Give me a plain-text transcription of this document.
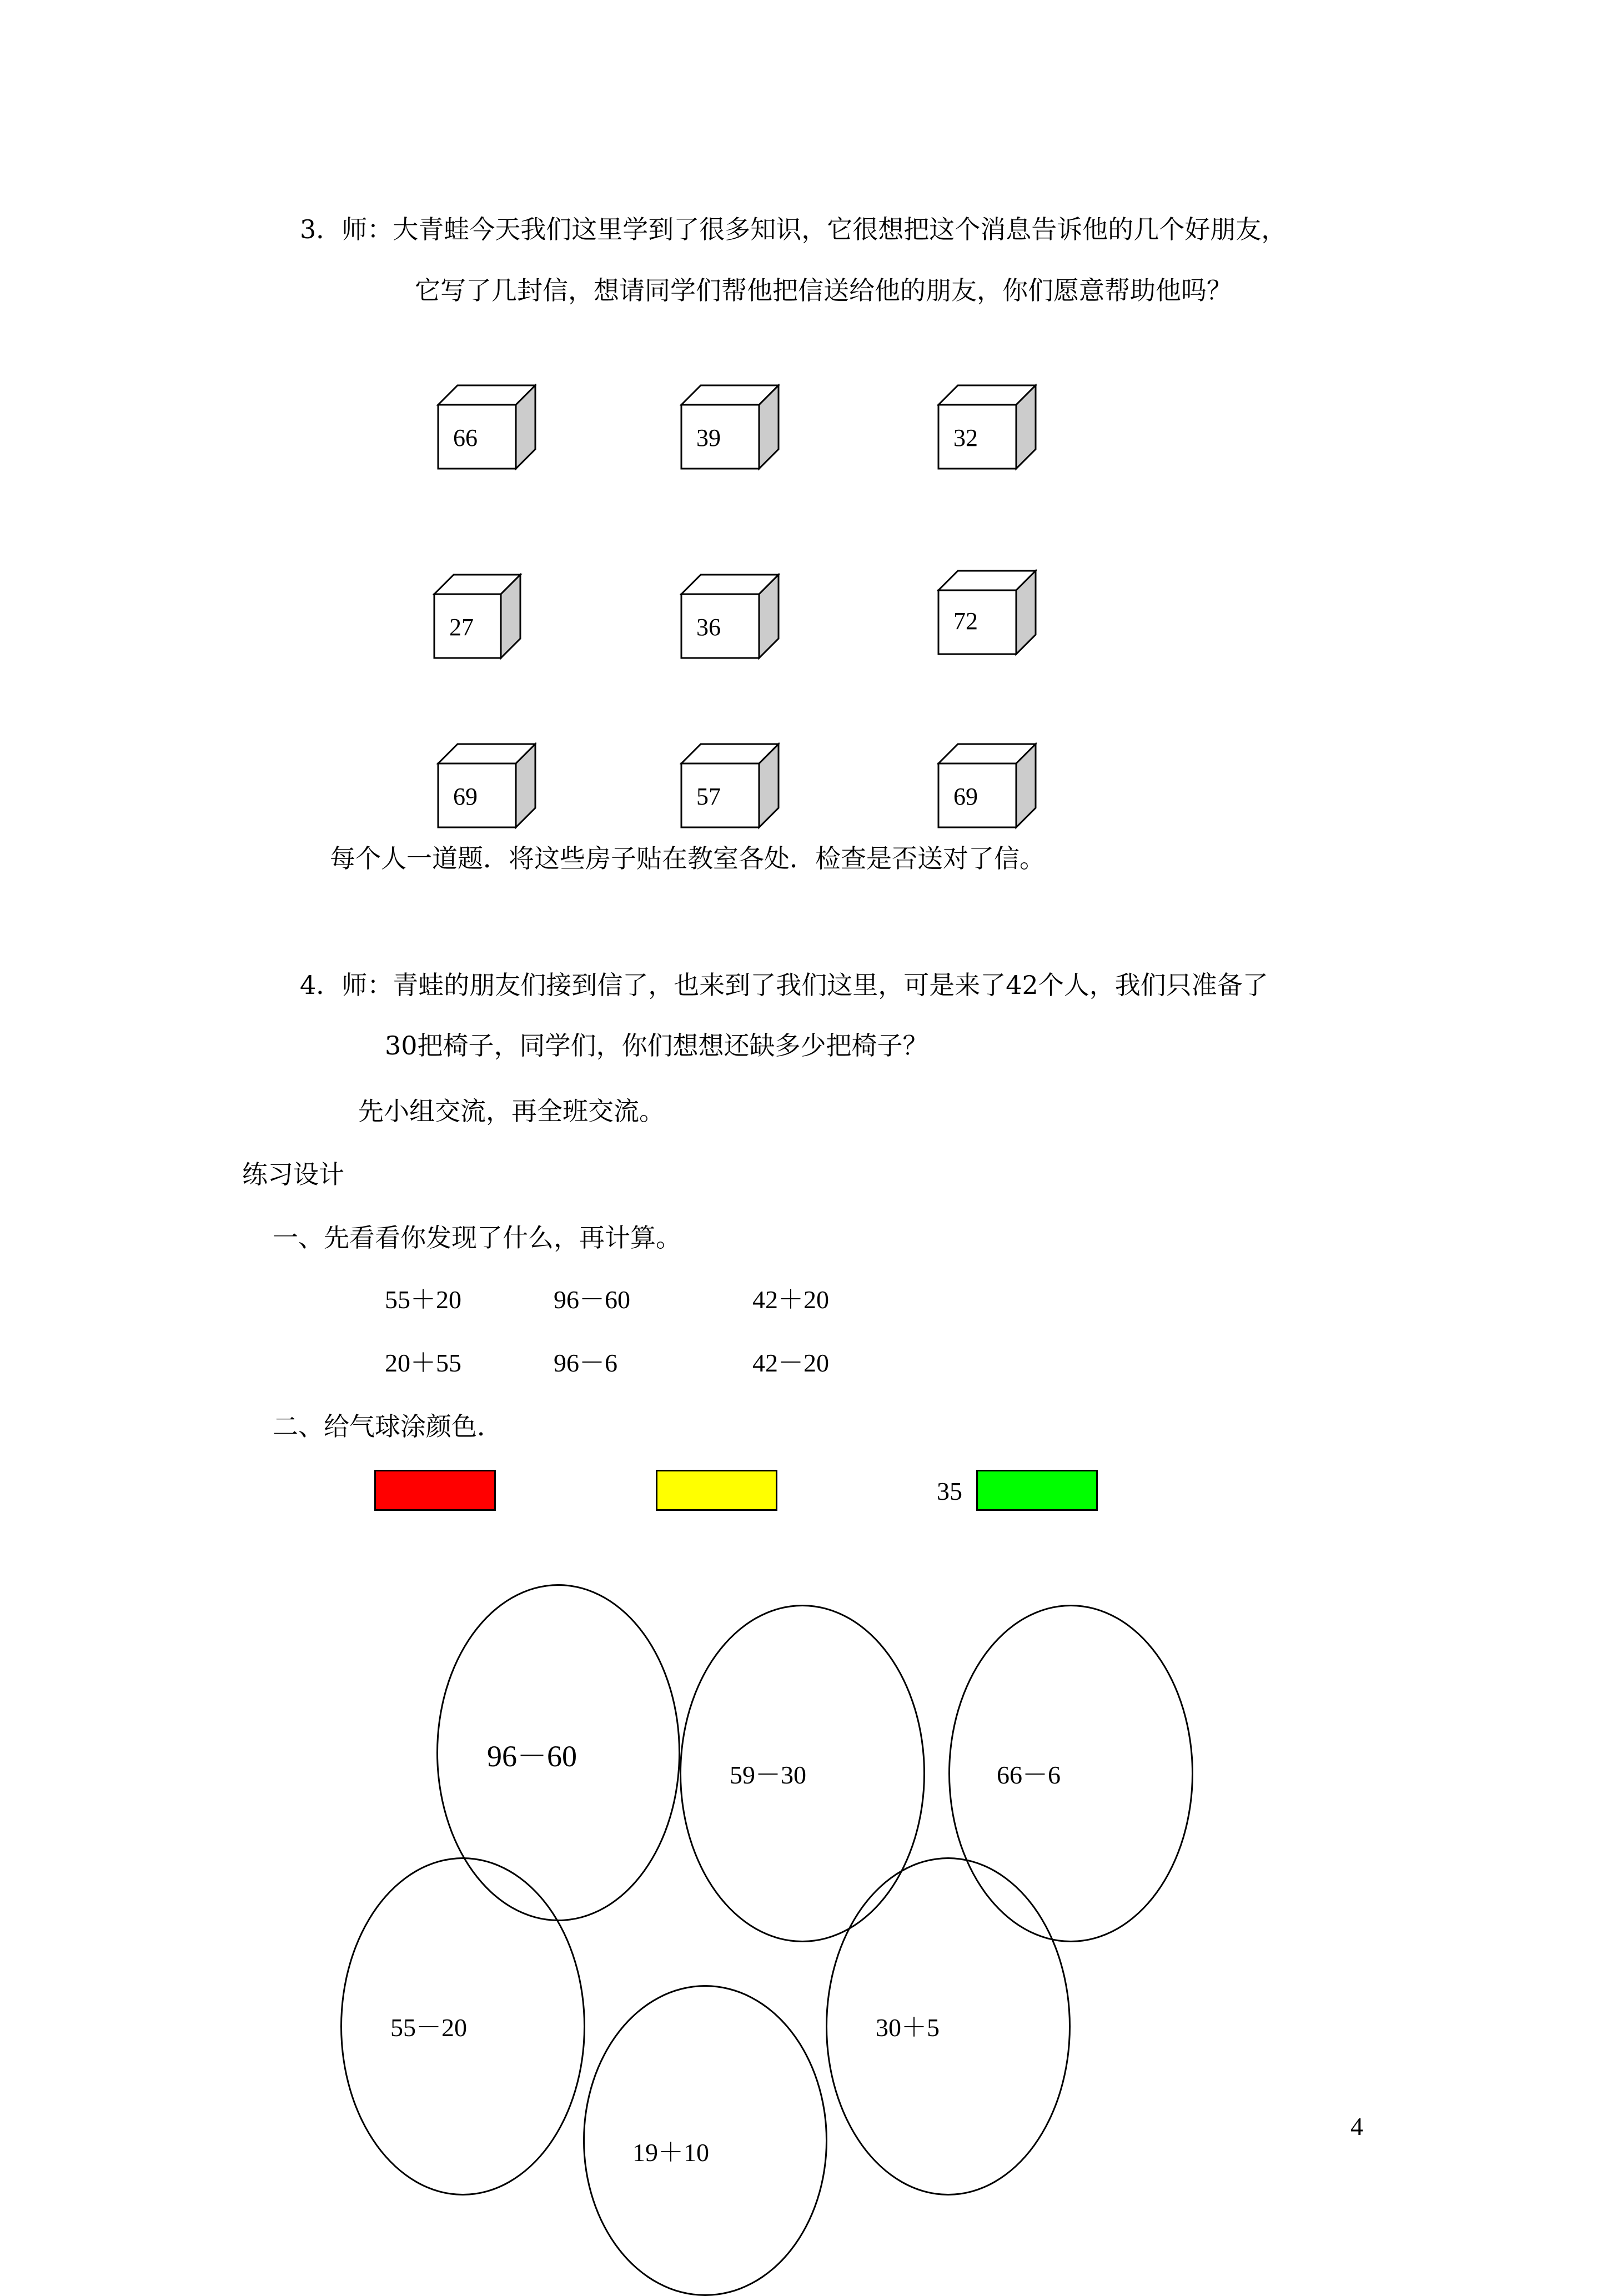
3．师：大青蛙今天我们这里学到了很多知识，它很想把这个消息告诉他的几个好朋友，
它写了几封信，想请同学们帮他把信送给他的朋友，你们愿意帮助他吗？
66	39	32
27	36	72
69	57	69
每个人一道题．将这些房子贴在教室各处．检查是否送对了信。
4．师：青蛙的朋友们接到信了，也来到了我们这里，可是来了42个人，我们只准备了
30把椅子，同学们，你们想想还缺多少把椅子？
先小组交流，再全班交流。
练习设计
一、先看看你发现了什么，再计算。
55＋20	96－60	42＋20
20＋55	96－6	42－20
二、给气球涂颜色．
35
96－60
59－30	66－6
55－20	30＋5
19＋10
4
